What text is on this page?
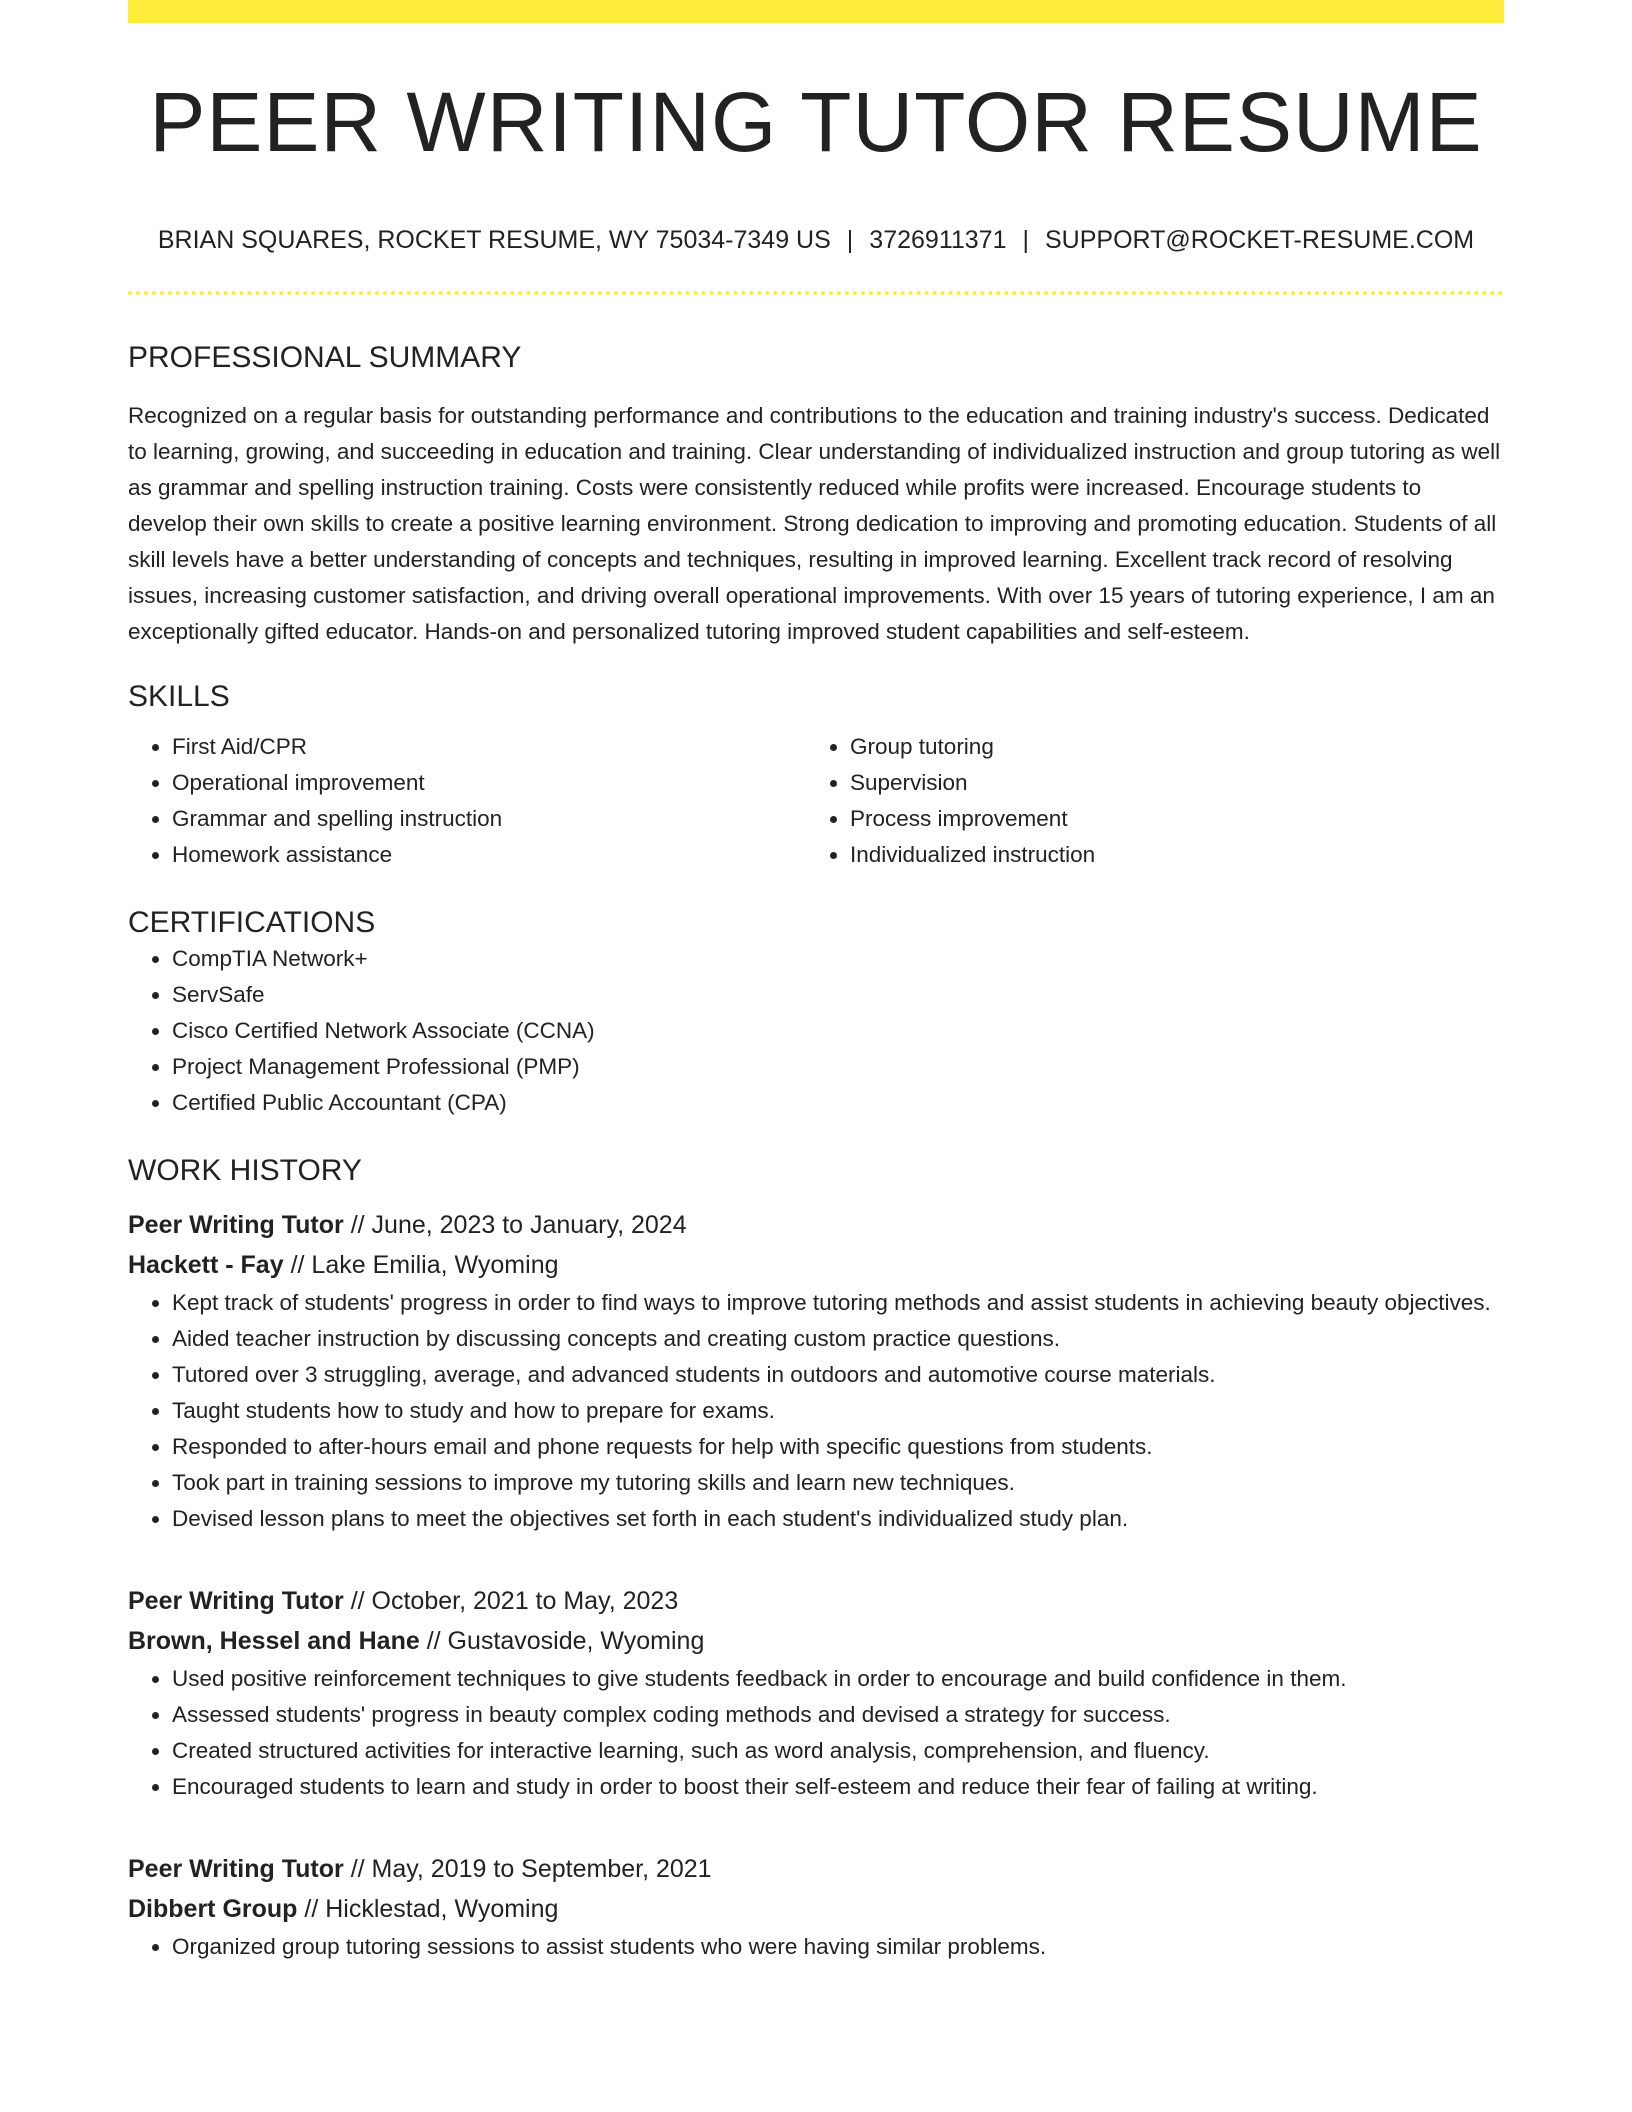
PEER WRITING TUTOR RESUME
BRIAN SQUARES, ROCKET RESUME, WY 75034-7349 US | 3726911371 | SUPPORT@ROCKET-RESUME.COM
PROFESSIONAL SUMMARY
Recognized on a regular basis for outstanding performance and contributions to the education and training industry's success. Dedicated to learning, growing, and succeeding in education and training. Clear understanding of individualized instruction and group tutoring as well as grammar and spelling instruction training. Costs were consistently reduced while profits were increased. Encourage students to develop their own skills to create a positive learning environment. Strong dedication to improving and promoting education. Students of all skill levels have a better understanding of concepts and techniques, resulting in improved learning. Excellent track record of resolving issues, increasing customer satisfaction, and driving overall operational improvements. With over 15 years of tutoring experience, I am an exceptionally gifted educator. Hands-on and personalized tutoring improved student capabilities and self-esteem.
SKILLS
• First Aid/CPR
• Operational improvement
• Grammar and spelling instruction
• Homework assistance
• Group tutoring
• Supervision
• Process improvement
• Individualized instruction
CERTIFICATIONS
• CompTIA Network+
• ServSafe
• Cisco Certified Network Associate (CCNA)
• Project Management Professional (PMP)
• Certified Public Accountant (CPA)
WORK HISTORY
Peer Writing Tutor // June, 2023 to January, 2024
Hackett - Fay // Lake Emilia, Wyoming
• Kept track of students' progress in order to find ways to improve tutoring methods and assist students in achieving beauty objectives.
• Aided teacher instruction by discussing concepts and creating custom practice questions.
• Tutored over 3 struggling, average, and advanced students in outdoors and automotive course materials.
• Taught students how to study and how to prepare for exams.
• Responded to after-hours email and phone requests for help with specific questions from students.
• Took part in training sessions to improve my tutoring skills and learn new techniques.
• Devised lesson plans to meet the objectives set forth in each student's individualized study plan.
Peer Writing Tutor // October, 2021 to May, 2023
Brown, Hessel and Hane // Gustavoside, Wyoming
• Used positive reinforcement techniques to give students feedback in order to encourage and build confidence in them.
• Assessed students' progress in beauty complex coding methods and devised a strategy for success.
• Created structured activities for interactive learning, such as word analysis, comprehension, and fluency.
• Encouraged students to learn and study in order to boost their self-esteem and reduce their fear of failing at writing.
Peer Writing Tutor // May, 2019 to September, 2021
Dibbert Group // Hicklestad, Wyoming
• Organized group tutoring sessions to assist students who were having similar problems.
